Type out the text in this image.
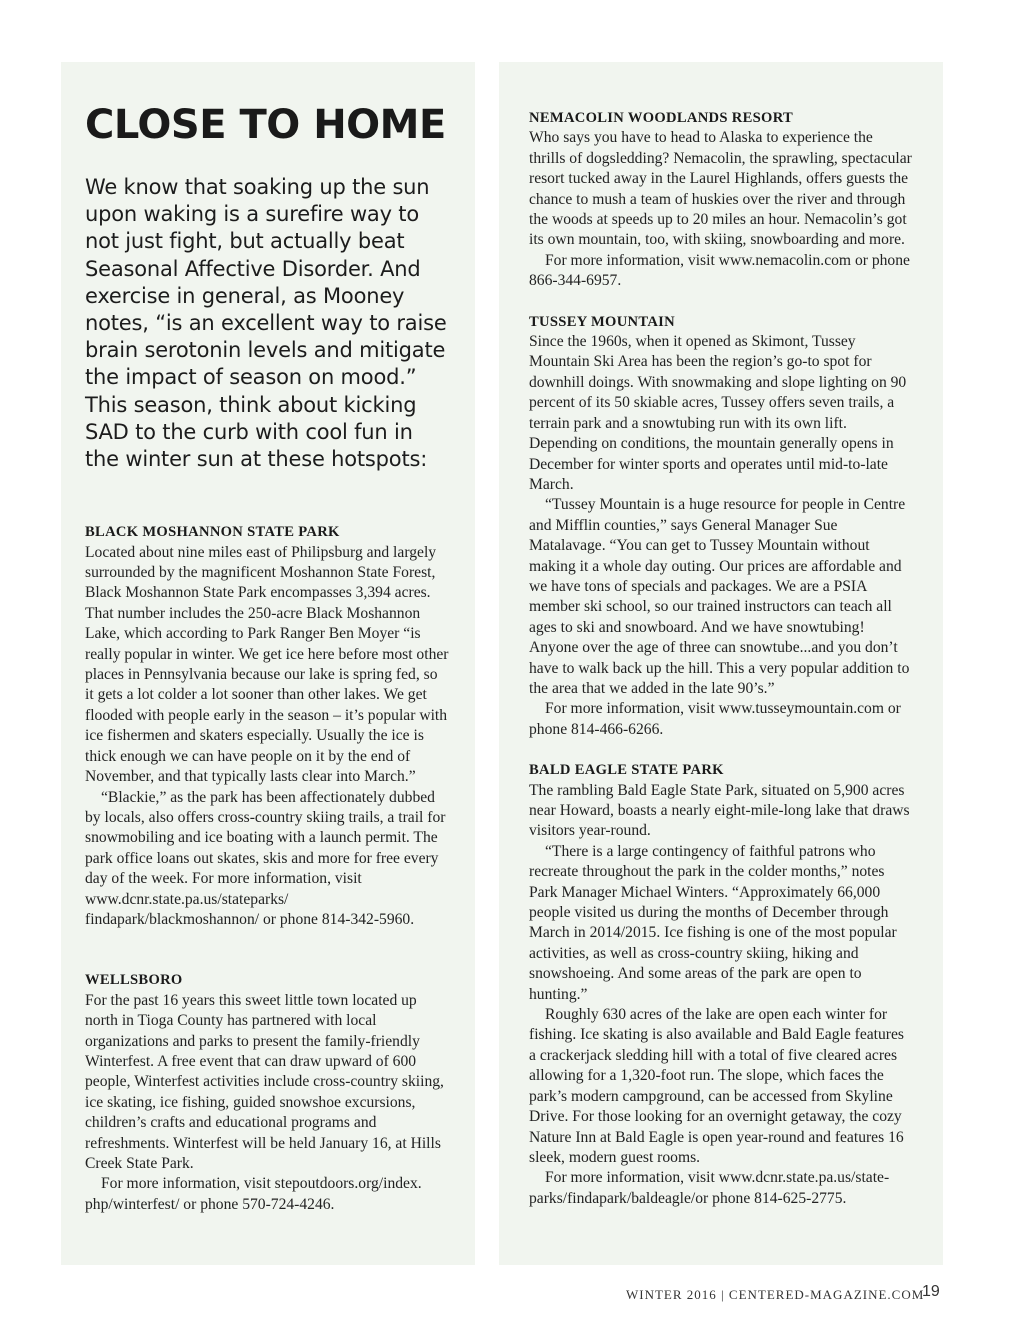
CLOSE TO HOME

We know that soaking up the sun upon waking is a surefire way to not just fight, but actually beat Seasonal Affective Disorder. And exercise in general, as Mooney notes, “is an excellent way to raise brain serotonin levels and mitigate the impact of season on mood.” This season, think about kicking SAD to the curb with cool fun in the winter sun at these hotspots:

BLACK MOSHANNON STATE PARK

Located about nine miles east of Philipsburg and largely surrounded by the magnificent Moshannon State Forest, Black Moshannon State Park encompasses 3,394 acres. That number includes the 250-acre Black Moshannon Lake, which according to Park Ranger Ben Moyer “is really popular in winter. We get ice here before most other places in Pennsylvania because our lake is spring fed, so it gets a lot colder a lot sooner than other lakes. We get flooded with people early in the season – it’s popular with ice fishermen and skaters especially. Usually the ice is thick enough we can have people on it by the end of November, and that typically lasts clear into March.”

“Blackie,” as the park has been affectionately dubbed by locals, also offers cross-country skiing trails, a trail for snowmobiling and ice boating with a launch permit. The park office loans out skates, skis and more for free every day of the week. For more information, visit www.dcnr.state.pa.us/stateparks/ findapark/blackmoshannon/ or phone 814-342-5960.

WELLSBORO

For the past 16 years this sweet little town located up north in Tioga County has partnered with local organizations and parks to present the family-friendly Winterfest. A free event that can draw upward of 600 people, Winterfest activities include cross-country skiing, ice skating, ice fishing, guided snowshoe excursions, children’s crafts and educational programs and refreshments. Winterfest will be held January 16, at Hills Creek State Park.

For more information, visit stepoutdoors.org/index. php/winterfest/ or phone 570-724-4246.

NEMACOLIN WOODLANDS RESORT

Who says you have to head to Alaska to experience the thrills of dogsledding? Nemacolin, the sprawling, spectacular resort tucked away in the Laurel Highlands, offers guests the chance to mush a team of huskies over the river and through the woods at speeds up to 20 miles an hour. Nemacolin’s got its own mountain, too, with skiing, snowboarding and more.

For more information, visit www.nemacolin.com or phone 866-344-6957.

TUSSEY MOUNTAIN

Since the 1960s, when it opened as Skimont, Tussey Mountain Ski Area has been the region’s go-to spot for downhill doings. With snowmaking and slope lighting on 90 percent of its 50 skiable acres, Tussey offers seven trails, a terrain park and a snowtubing run with its own lift. Depending on conditions, the mountain generally opens in December for winter sports and operates until mid-to-late March.

“Tussey Mountain is a huge resource for people in Centre and Mifflin counties,” says General Manager Sue Matalavage. “You can get to Tussey Mountain without making it a whole day outing. Our prices are affordable and we have tons of specials and packages. We are a PSIA member ski school, so our trained instructors can teach all ages to ski and snowboard. And we have snowtubing! Anyone over the age of three can snowtube...and you don’t have to walk back up the hill. This a very popular addition to the area that we added in the late 90’s.”

For more information, visit www.tusseymountain.com or phone 814-466-6266.

BALD EAGLE STATE PARK

The rambling Bald Eagle State Park, situated on 5,900 acres near Howard, boasts a nearly eight-mile-long lake that draws visitors year-round.

“There is a large contingency of faithful patrons who recreate throughout the park in the colder months,” notes Park Manager Michael Winters. “Approximately 66,000 people visited us during the months of December through March in 2014/2015. Ice fishing is one of the most popular activities, as well as cross-country skiing, hiking and snowshoeing. And some areas of the park are open to hunting.”

Roughly 630 acres of the lake are open each winter for fishing. Ice skating is also available and Bald Eagle features a crackerjack sledding hill with a total of five cleared acres allowing for a 1,320-foot run. The slope, which faces the park’s modern campground, can be accessed from Skyline Drive. For those looking for an overnight getaway, the cozy Nature Inn at Bald Eagle is open year-round and features 16 sleek, modern guest rooms.

For more information, visit www.dcnr.state.pa.us/stateparks/findapark/baldeagle/or phone 814-625-2775.

WINTER 2016 | CENTERED-MAGAZINE.COM
19
